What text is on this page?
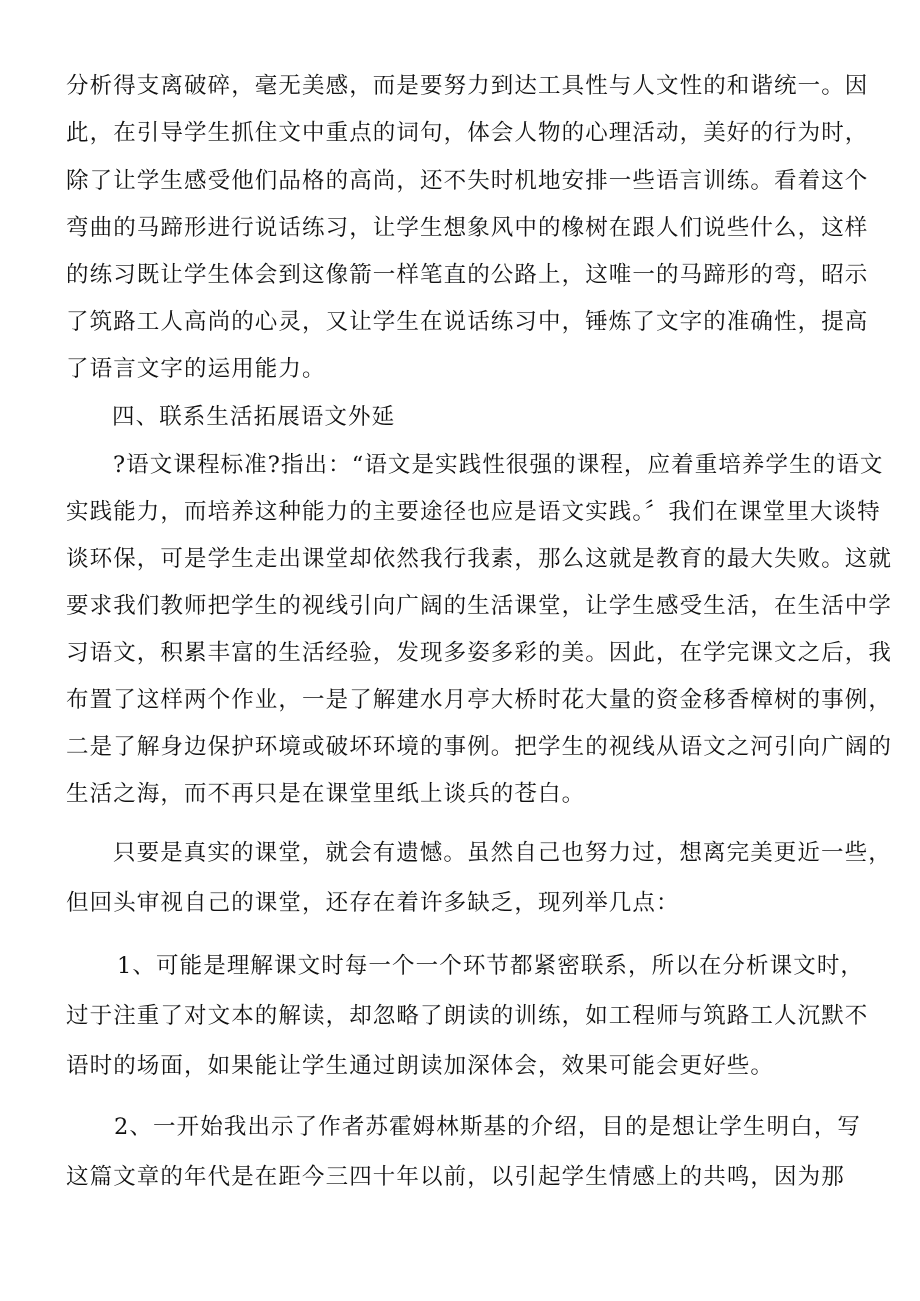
分析得支离破碎，毫无美感，而是要努力到达工具性与人文性的和谐统一。因
此，在引导学生抓住文中重点的词句，体会人物的心理活动，美好的行为时，
除了让学生感受他们品格的高尚，还不失时机地安排一些语言训练。看着这个
弯曲的马蹄形进行说话练习，让学生想象风中的橡树在跟人们说些什么，这样
的练习既让学生体会到这像箭一样笔直的公路上，这唯一的马蹄形的弯，昭示
了筑路工人高尚的心灵，又让学生在说话练习中，锤炼了文字的准确性，提高
了语言文字的运用能力。
四、联系生活拓展语文外延
?语文课程标准?指出：“语文是实践性很强的课程，应着重培养学生的语文
实践能力，而培养这种能力的主要途径也应是语文实践。〞我们在课堂里大谈特
谈环保，可是学生走出课堂却依然我行我素，那么这就是教育的最大失败。这就
要求我们教师把学生的视线引向广阔的生活课堂，让学生感受生活，在生活中学
习语文，积累丰富的生活经验，发现多姿多彩的美。因此，在学完课文之后，我
布置了这样两个作业，一是了解建水月亭大桥时花大量的资金移香樟树的事例，
二是了解身边保护环境或破坏环境的事例。把学生的视线从语文之河引向广阔的
生活之海，而不再只是在课堂里纸上谈兵的苍白。
只要是真实的课堂，就会有遗憾。虽然自己也努力过，想离完美更近一些，
但回头审视自己的课堂，还存在着许多缺乏，现列举几点：
1、可能是理解课文时每一个一个环节都紧密联系，所以在分析课文时，
过于注重了对文本的解读，却忽略了朗读的训练，如工程师与筑路工人沉默不
语时的场面，如果能让学生通过朗读加深体会，效果可能会更好些。
2、一开始我出示了作者苏霍姆林斯基的介绍，目的是想让学生明白，写
这篇文章的年代是在距今三四十年以前，以引起学生情感上的共鸣，因为那
